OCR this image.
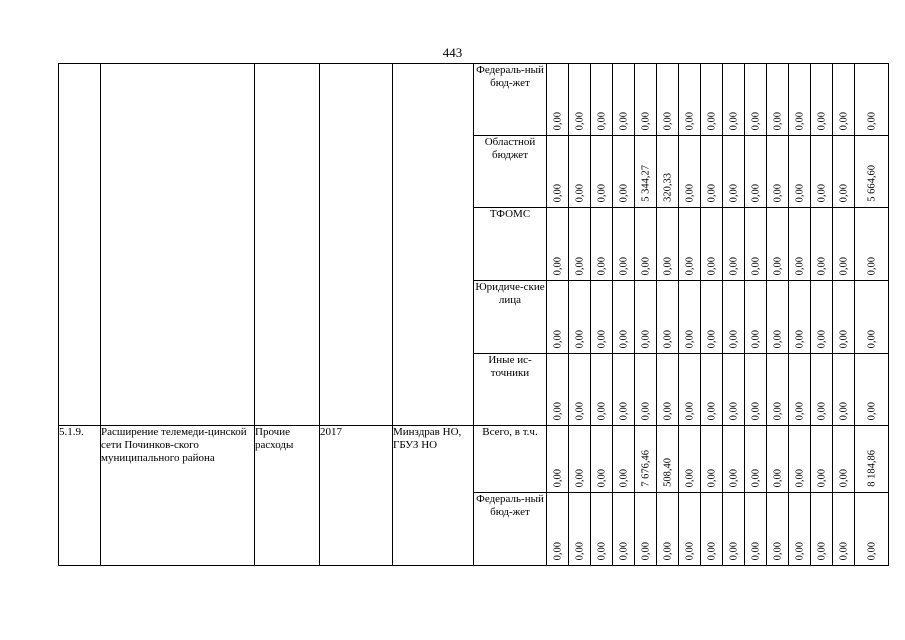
443
					Федераль-ный бюд-жет	0,00	0,00	0,00	0,00	0,00	0,00	0,00	0,00	0,00	0,00	0,00	0,00	0,00	0,00	0,00

					Областной бюджет	0,00	0,00	0,00	0,00	5 344,27	320,33	0,00	0,00	0,00	0,00	0,00	0,00	0,00	0,00	5 664,60

					ТФОМС	0,00	0,00	0,00	0,00	0,00	0,00	0,00	0,00	0,00	0,00	0,00	0,00	0,00	0,00	0,00

					Юридиче-ские лица	0,00	0,00	0,00	0,00	0,00	0,00	0,00	0,00	0,00	0,00	0,00	0,00	0,00	0,00	0,00

					Иные ис-точники	0,00	0,00	0,00	0,00	0,00	0,00	0,00	0,00	0,00	0,00	0,00	0,00	0,00	0,00	0,00

5.1.9.	Расширение телемеди-цинской сети Починков-ского муниципального района	Прочие расходы	2017	Минздрав НО, ГБУЗ НО	Всего, в т.ч.	0,00	0,00	0,00	0,00	7 676,46	508,40	0,00	0,00	0,00	0,00	0,00	0,00	0,00	0,00	8 184,86

					Федераль-ный бюд-жет	0,00	0,00	0,00	0,00	0,00	0,00	0,00	0,00	0,00	0,00	0,00	0,00	0,00	0,00	0,00
